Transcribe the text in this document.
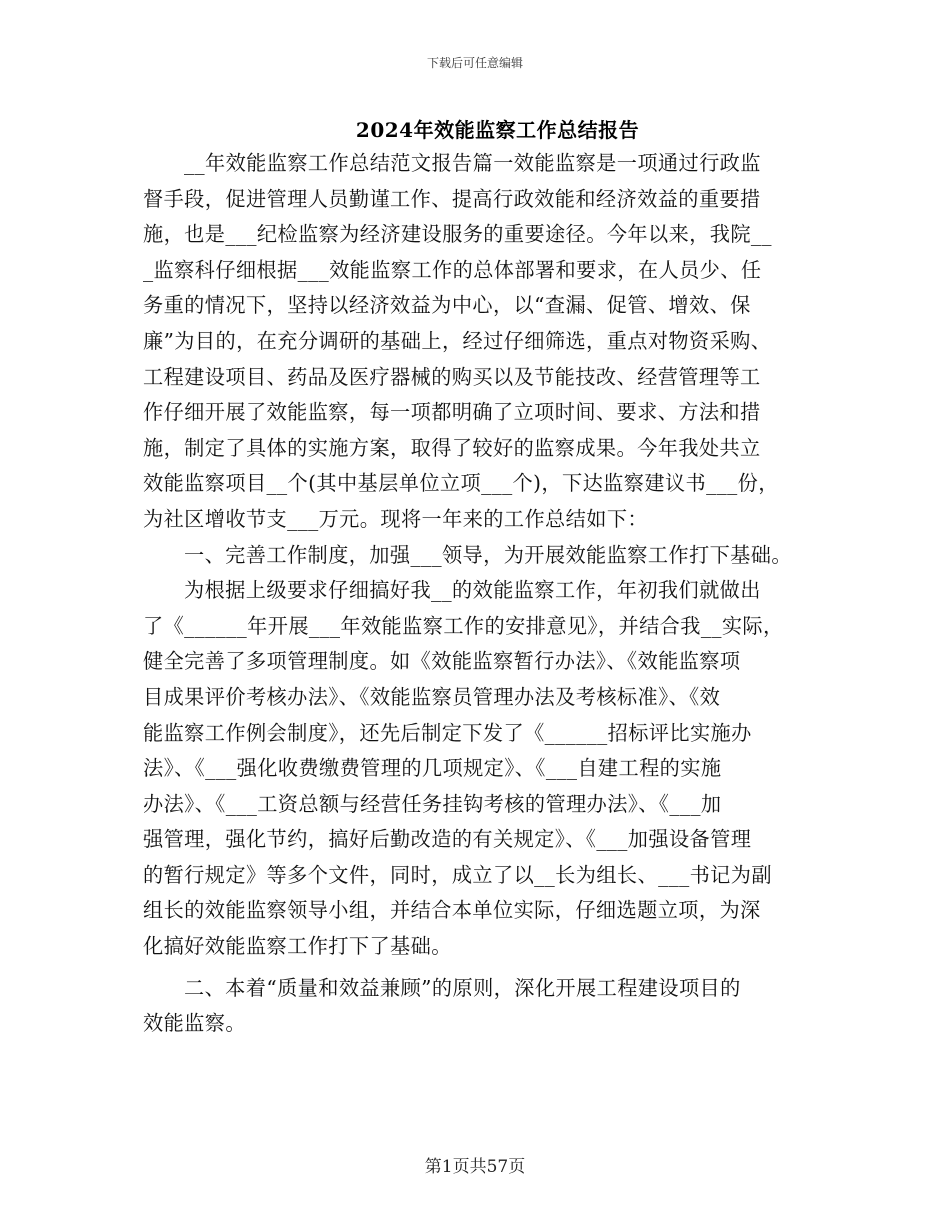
下载后可任意编辑
2024年效能监察工作总结报告
__年效能监察工作总结范文报告篇一效能监察是一项通过行政监
督手段，促进管理人员勤谨工作、提高行政效能和经济效益的重要措
施，也是___纪检监察为经济建设服务的重要途径。今年以来，我院__
_监察科仔细根据___效能监察工作的总体部署和要求，在人员少、任
务重的情况下，坚持以经济效益为中心，以“查漏、促管、增效、保
廉”为目的，在充分调研的基础上，经过仔细筛选，重点对物资采购、
工程建设项目、药品及医疗器械的购买以及节能技改、经营管理等工
作仔细开展了效能监察，每一项都明确了立项时间、要求、方法和措
施，制定了具体的实施方案，取得了较好的监察成果。今年我处共立
效能监察项目__个(其中基层单位立项___个)，下达监察建议书___份，
为社区增收节支___万元。现将一年来的工作总结如下：
一、完善工作制度，加强___领导，为开展效能监察工作打下基础。
为根据上级要求仔细搞好我__的效能监察工作，年初我们就做出
了《______年开展___年效能监察工作的安排意见》，并结合我__实际，
健全完善了多项管理制度。如《效能监察暂行办法》、《效能监察项
目成果评价考核办法》、《效能监察员管理办法及考核标准》、《效
能监察工作例会制度》，还先后制定下发了《______招标评比实施办
法》、《___强化收费缴费管理的几项规定》、《___自建工程的实施
办法》、《___工资总额与经营任务挂钩考核的管理办法》、《___加
强管理，强化节约，搞好后勤改造的有关规定》、《___加强设备管理
的暂行规定》等多个文件，同时，成立了以__长为组长、___书记为副
组长的效能监察领导小组，并结合本单位实际，仔细选题立项，为深
化搞好效能监察工作打下了基础。
二、本着“质量和效益兼顾”的原则，深化开展工程建设项目的
效能监察。
第1页共57页
